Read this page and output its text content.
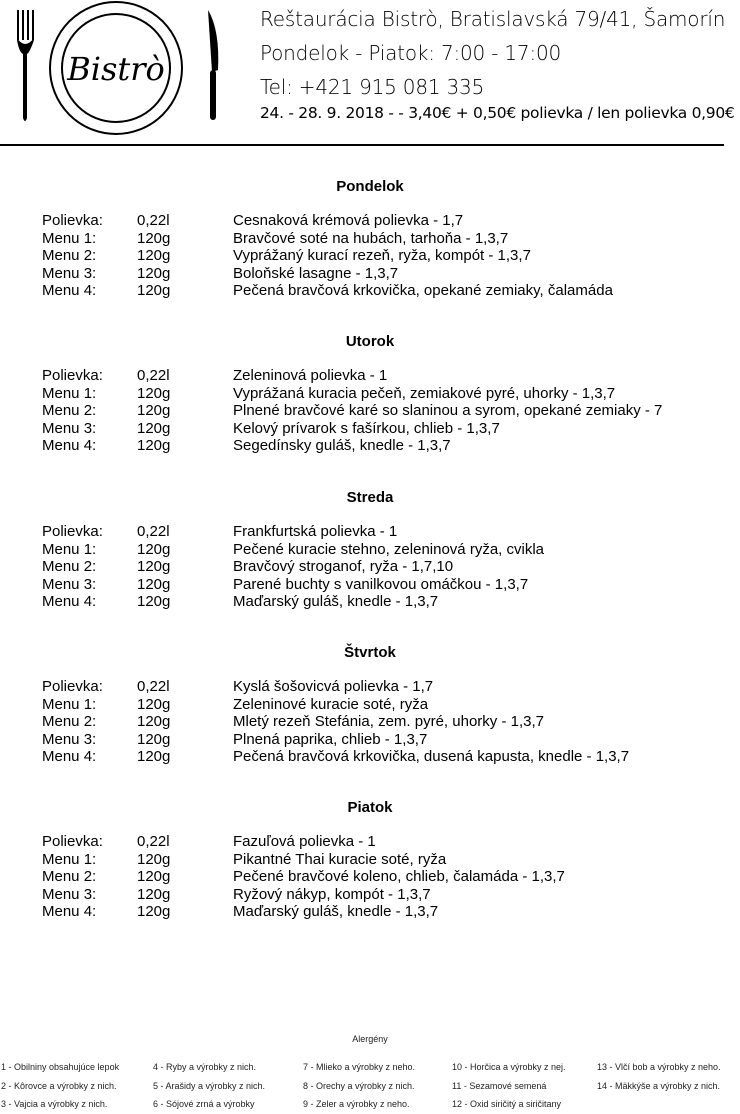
Bistrò
Reštaurácia Bistrò, Bratislavská 79/41, Šamorín
Pondelok - Piatok: 7:00 - 17:00
Tel: +421 915 081 335
24. - 28. 9. 2018 - - 3,40€ + 0,50€ polievka / len polievka 0,90€
Pondelok
Polievka: 0,22l	Cesnaková krémová polievka - 1,7
Menu 1:	120g	Bravčové soté na hubách, tarhoňa - 1,3,7
Menu 2:	120g	Vyprážaný kurací rezeň, ryža, kompót - 1,3,7
Menu 3:	120g	Boloňské lasagne - 1,3,7
Menu 4:	120g	Pečená bravčová krkovička, opekané zemiaky, čalamáda
Utorok
Polievka: 0,22l	Zeleninová polievka - 1
Menu 1:	120g	Vyprážaná kuracia pečeň, zemiakové pyré, uhorky - 1,3,7
Menu 2:	120g	Plnené bravčové karé so slaninou a syrom, opekané zemiaky - 7
Menu 3:	120g	Kelový prívarok s fašírkou, chlieb - 1,3,7
Menu 4:	120g	Segedínsky guláš, knedle - 1,3,7
Streda
Polievka: 0,22l	Frankfurtská polievka - 1
Menu 1:	120g	Pečené kuracie stehno, zeleninová ryža, cvikla
Menu 2:	120g	Bravčový stroganof, ryža - 1,7,10
Menu 3:	120g	Parené buchty s vanilkovou omáčkou - 1,3,7
Menu 4:	120g	Maďarský guláš, knedle - 1,3,7
Štvrtok
Polievka: 0,22l	Kyslá šošovicvá polievka - 1,7
Menu 1:	120g	Zeleninové kuracie soté, ryža
Menu 2:	120g	Mletý rezeň Stefánia, zem. pyré, uhorky - 1,3,7
Menu 3:	120g	Plnená paprika, chlieb - 1,3,7
Menu 4:	120g	Pečená bravčová krkovička, dusená kapusta, knedle - 1,3,7
Piatok
Polievka: 0,22l	Fazuľová polievka - 1
Menu 1:	120g	Pikantné Thai kuracie soté, ryža
Menu 2:	120g	Pečené bravčové koleno, chlieb, čalamáda - 1,3,7
Menu 3:	120g	Ryžový nákyp, kompót - 1,3,7
Menu 4:	120g	Maďarský guláš, knedle - 1,3,7
Alergény
1 - Obilniny obsahujúce lepok
2 - Kôrovce a výrobky z nich.
3 - Vajcia a výrobky z nich.
4 - Ryby a výrobky z nich.
5 - Arašidy a výrobky z nich.
6 - Sójové zrná a výrobky
7 - Mlieko a výrobky z neho.
8 - Orechy a výrobky z nich.
9 - Zeler a výrobky z neho.
10 - Horčica a výrobky z nej.
11 - Sezamové semená
12 - Oxid siričitý a siričitany
13 - Vlčí bob a výrobky z neho.
14 - Mäkkýše a výrobky z nich.
